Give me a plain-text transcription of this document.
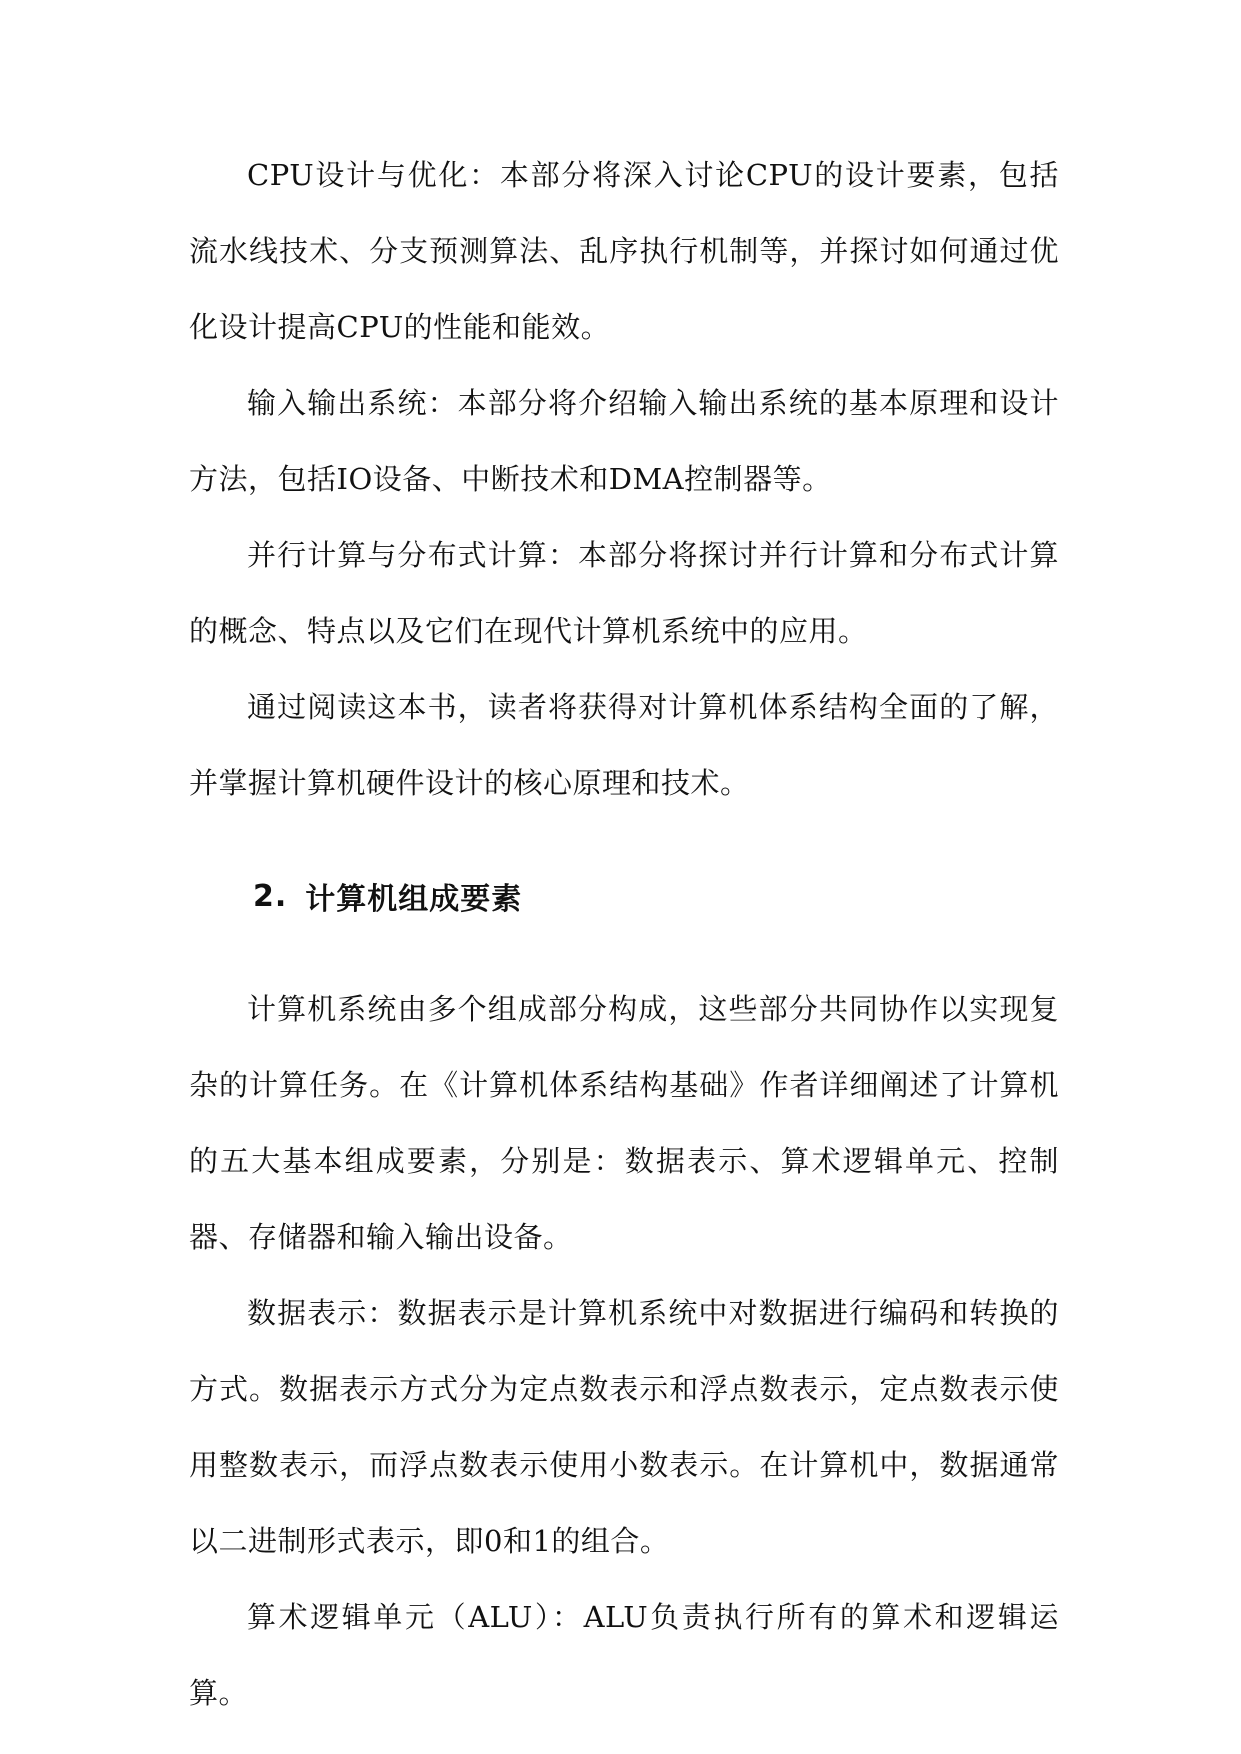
CPU设计与优化：本部分将深入讨论CPU的设计要素，包括流水线技术、分支预测算法、乱序执行机制等，并探讨如何通过优化设计提高CPU的性能和能效。

输入输出系统：本部分将介绍输入输出系统的基本原理和设计方法，包括IO设备、中断技术和DMA控制器等。

并行计算与分布式计算：本部分将探讨并行计算和分布式计算的概念、特点以及它们在现代计算机系统中的应用。

通过阅读这本书，读者将获得对计算机体系结构全面的了解，并掌握计算机硬件设计的核心原理和技术。

2. 计算机组成要素

计算机系统由多个组成部分构成，这些部分共同协作以实现复杂的计算任务。在《计算机体系结构基础》作者详细阐述了计算机的五大基本组成要素，分别是：数据表示、算术逻辑单元、控制器、存储器和输入输出设备。

数据表示：数据表示是计算机系统中对数据进行编码和转换的方式。数据表示方式分为定点数表示和浮点数表示，定点数表示使用整数表示，而浮点数表示使用小数表示。在计算机中，数据通常以二进制形式表示，即0和1的组合。

算术逻辑单元（ALU）：ALU负责执行所有的算术和逻辑运算。
